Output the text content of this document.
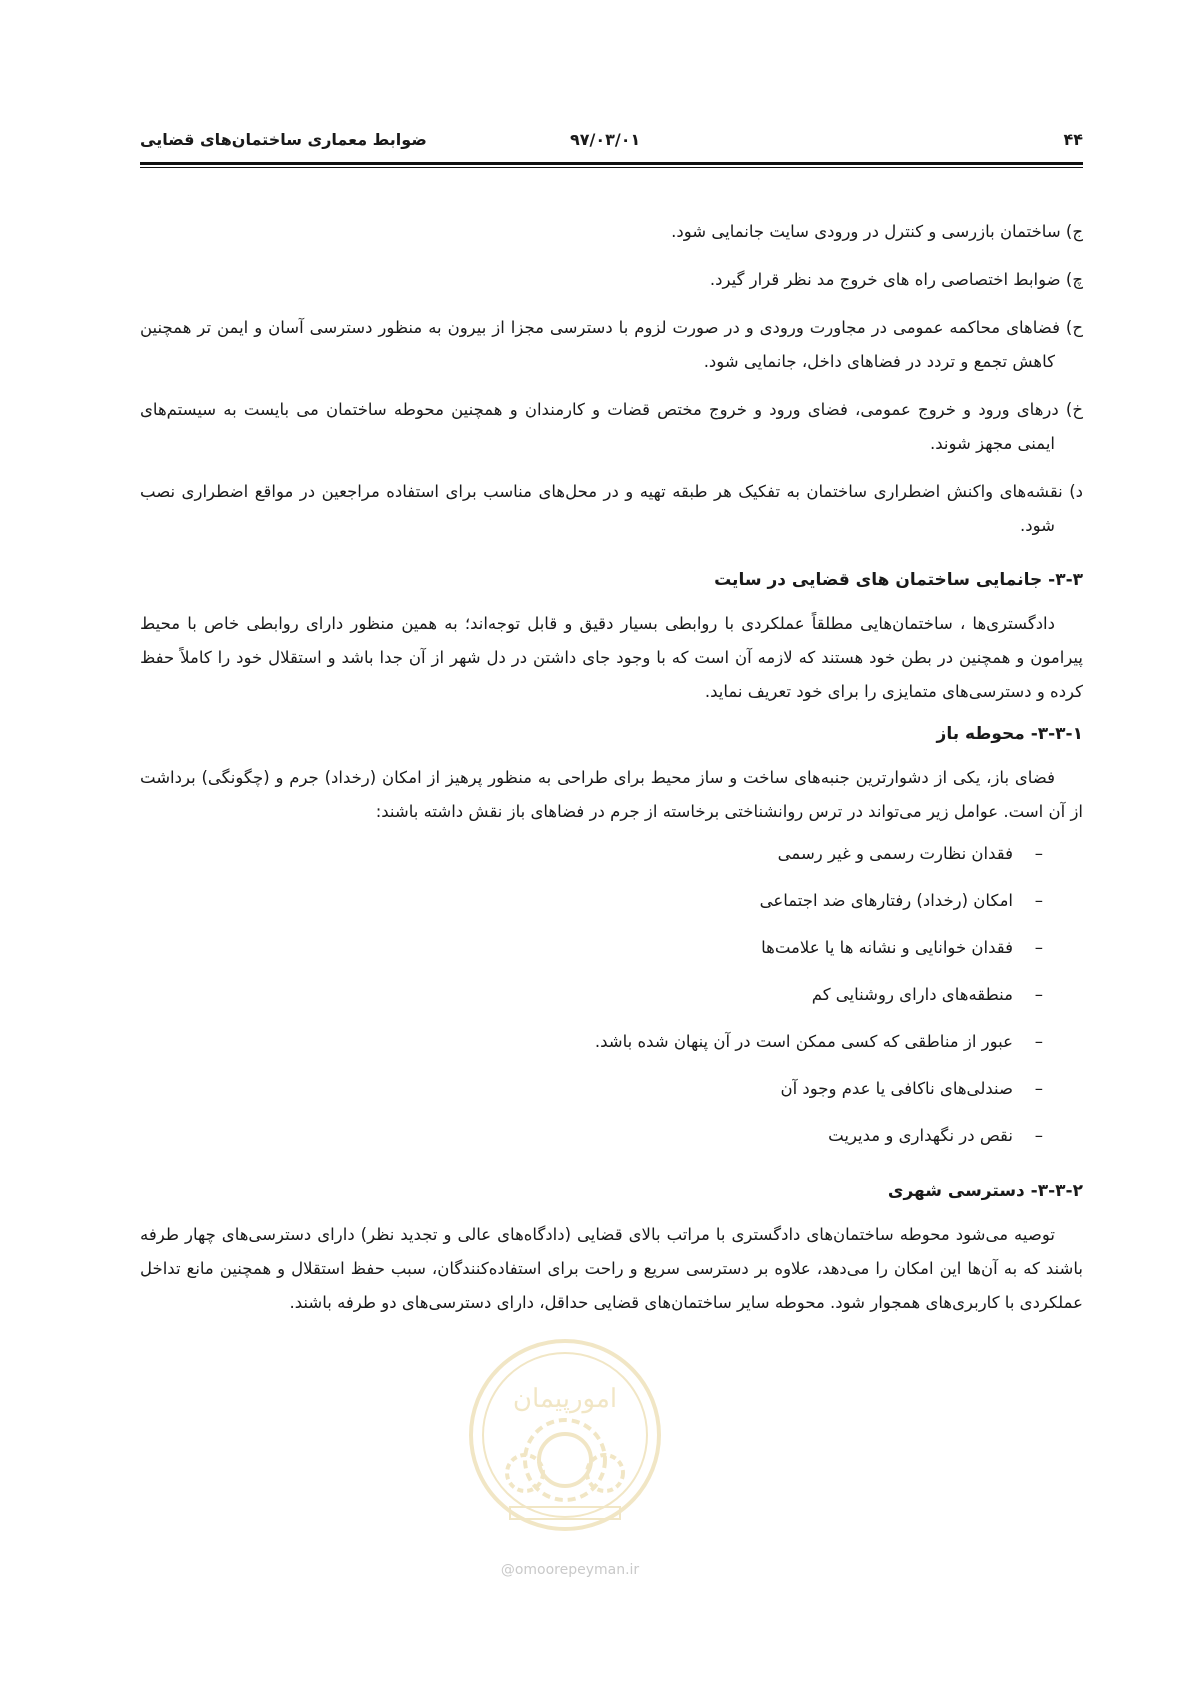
۴۴
۹۷/۰۳/۰۱
ضوابط معماری ساختمان‌های قضایی
ج) ساختمان بازرسی و کنترل در ورودی سایت جانمایی شود.
چ) ضوابط اختصاصی راه های خروج مد نظر قرار گیرد.
ح) فضاهای محاکمه عمومی در مجاورت ورودی و در صورت لزوم با دسترسی مجزا از بیرون به منظور دسترسی آسان و ایمن تر همچنین کاهش تجمع و تردد در فضاهای داخل، جانمایی شود.
خ) درهای ورود و خروج عمومی، فضای ورود و خروج مختص قضات و کارمندان و همچنین محوطه ساختمان می بایست به سیستم‌های ایمنی مجهز شوند.
د) نقشه‌های واکنش اضطراری ساختمان به تفکیک هر طبقه تهیه و در محل‌های مناسب برای استفاده مراجعین در مواقع اضطراری نصب شود.
۳-۳- جانمایی ساختمان های قضایی در سایت
دادگستری‌ها ، ساختمان‌هایی مطلقاً عملکردی با روابطی بسیار دقیق و قابل توجه‌اند؛ به همین منظور دارای روابطی خاص با محیط پیرامون و همچنین در بطن خود هستند که لازمه آن است که با وجود جای داشتن در دل شهر از آن جدا باشد و استقلال خود را کاملاً حفظ کرده و دسترسی‌های متمایزی را برای خود تعریف نماید.
۳-۳-۱- محوطه باز
فضای باز، یکی از دشوارترین جنبه‌های ساخت و ساز محیط برای طراحی به منظور پرهیز از امکان (رخداد) جرم و (چگونگی) برداشت از آن است. عوامل زیر می‌تواند در ترس روانشناختی برخاسته از جرم در فضاهای باز نقش داشته باشند:
–
فقدان نظارت رسمی و غیر رسمی
–
امکان (رخداد) رفتارهای ضد اجتماعی
–
فقدان خوانایی و نشانه ها یا علامت‌ها
–
منطقه‌های دارای روشنایی کم
–
عبور از مناطقی که کسی ممکن است در آن پنهان شده باشد.
–
صندلی‌های ناکافی یا عدم وجود آن
–
نقص در نگهداری و مدیریت
۳-۳-۲- دسترسی شهری
توصیه می‌شود محوطه ساختمان‌های دادگستری با مراتب بالای قضایی (دادگاه‌های عالی و تجدید نظر) دارای دسترسی‌های چهار طرفه باشند که به آن‌ها این امکان را می‌دهد، علاوه بر دسترسی سریع و راحت برای استفاده‌کنندگان، سبب حفظ استقلال و همچنین مانع تداخل عملکردی با کاربری‌های همجوار شود. محوطه سایر ساختمان‌های قضایی حداقل، دارای دسترسی‌های دو طرفه باشند.
امورپیمان
@omoorepeyman.ir
